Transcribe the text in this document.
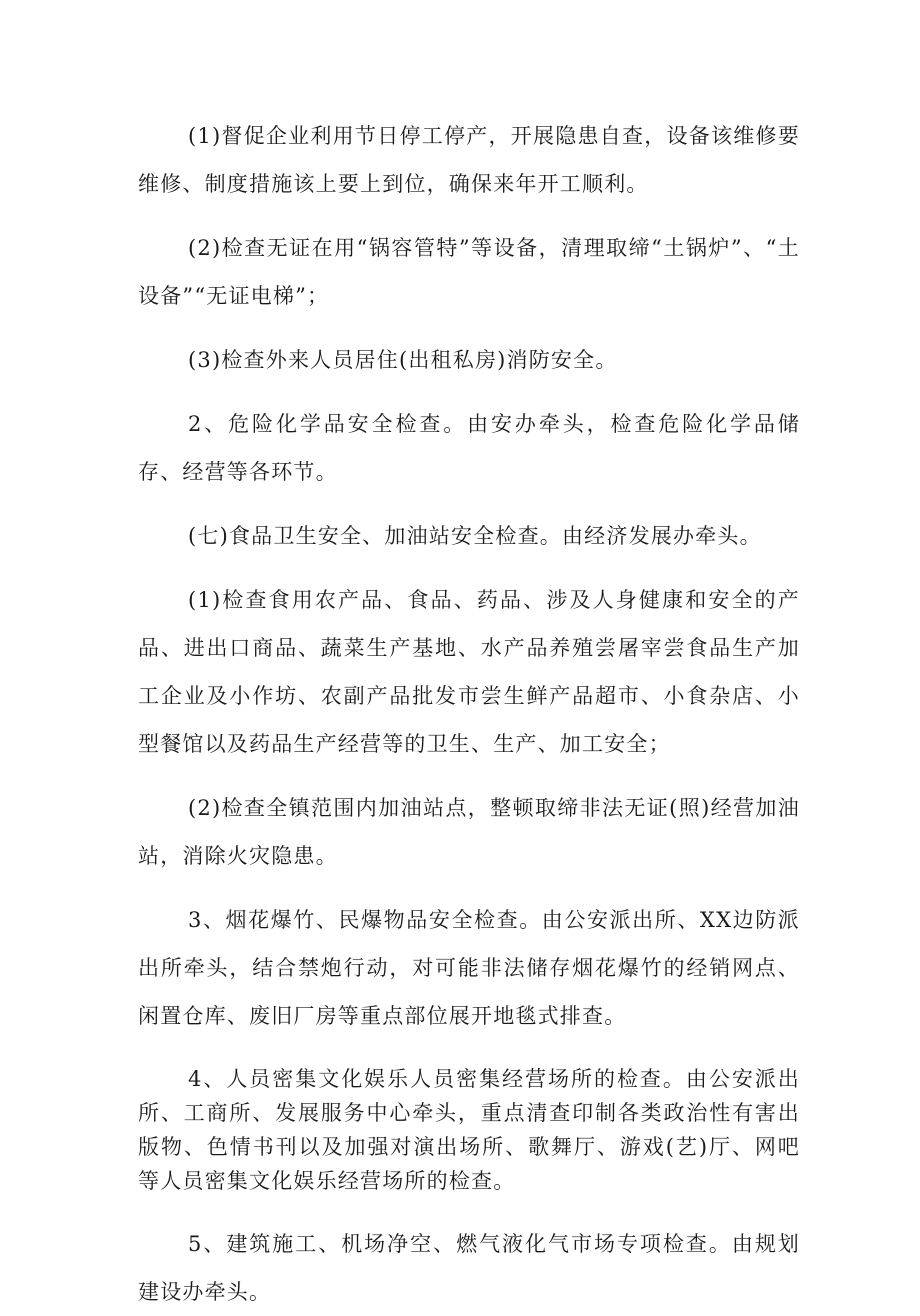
(1)督促企业利用节日停工停产，开展隐患自查，设备该维修要维修、制度措施该上要上到位，确保来年开工顺利。

(2)检查无证在用“锅容管特”等设备，清理取缔“土锅炉”、“土设备”“无证电梯”；

(3)检查外来人员居住(出租私房)消防安全。

2、危险化学品安全检查。由安办牵头，检查危险化学品储存、经营等各环节。

(七)食品卫生安全、加油站安全检查。由经济发展办牵头。

(1)检查食用农产品、食品、药品、涉及人身健康和安全的产品、进出口商品、蔬菜生产基地、水产品养殖尝屠宰尝食品生产加工企业及小作坊、农副产品批发市尝生鲜产品超市、小食杂店、小型餐馆以及药品生产经营等的卫生、生产、加工安全；

(2)检查全镇范围内加油站点，整顿取缔非法无证(照)经营加油站，消除火灾隐患。

3、烟花爆竹、民爆物品安全检查。由公安派出所、XX边防派出所牵头，结合禁炮行动，对可能非法储存烟花爆竹的经销网点、闲置仓库、废旧厂房等重点部位展开地毯式排查。

4、人员密集文化娱乐人员密集经营场所的检查。由公安派出所、工商所、发展服务中心牵头，重点清查印制各类政治性有害出版物、色情书刊以及加强对演出场所、歌舞厅、游戏(艺)厅、网吧等人员密集文化娱乐经营场所的检查。

5、建筑施工、机场净空、燃气液化气市场专项检查。由规划建设办牵头。
